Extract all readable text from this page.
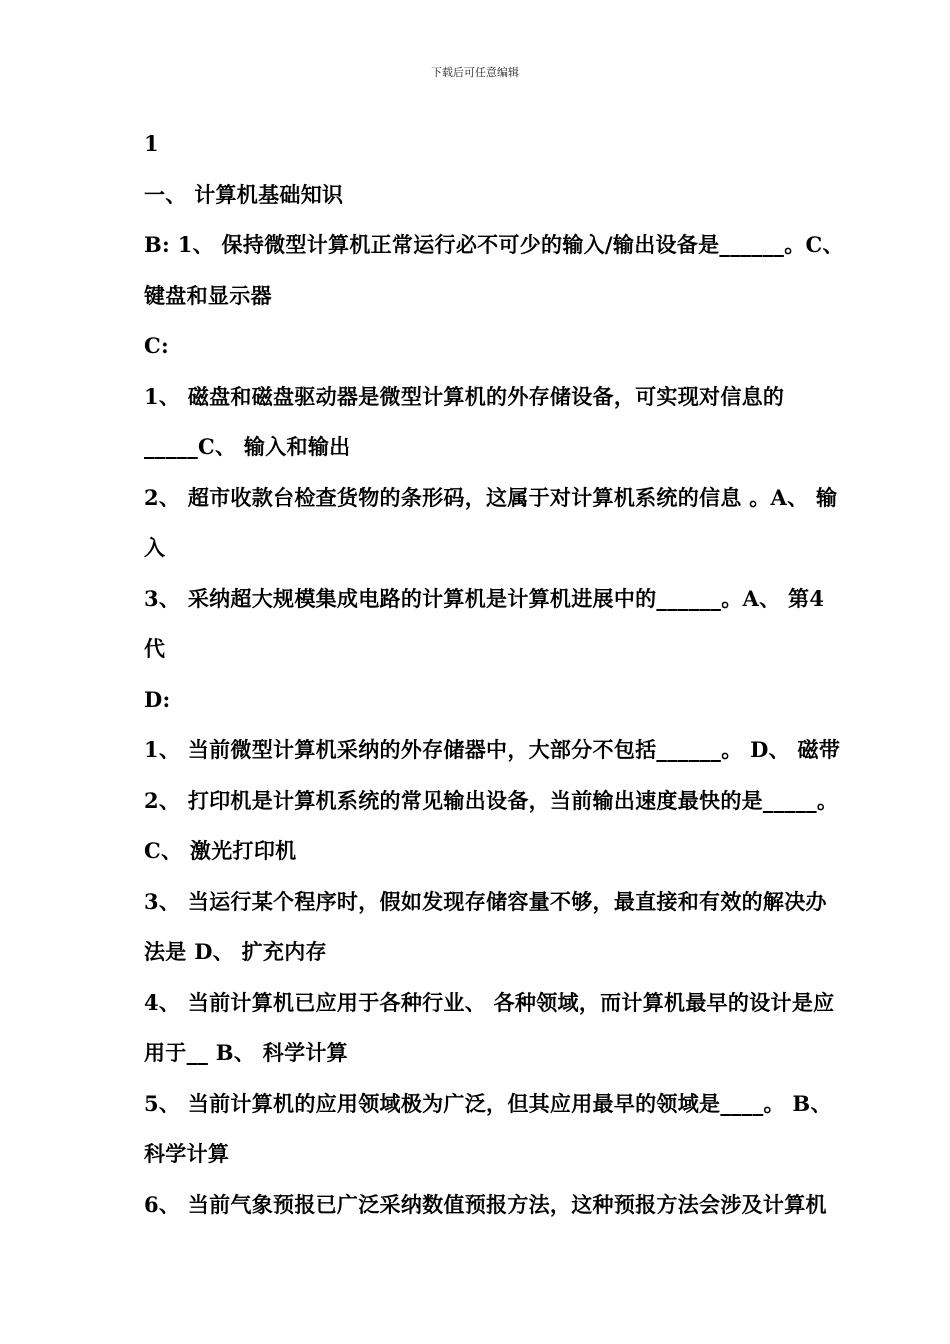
下载后可任意编辑
1
一、 计算机基础知识
B: 1、 保持微型计算机正常运行必不可少的输入/输出设备是______。C、
键盘和显示器
C:
1、 磁盘和磁盘驱动器是微型计算机的外存储设备，可实现对信息的
_____C、 输入和输出
2、 超市收款台检查货物的条形码，这属于对计算机系统的信息 。A、 输
入
3、 采纳超大规模集成电路的计算机是计算机进展中的______。A、 第4
代
D:
1、 当前微型计算机采纳的外存储器中，大部分不包括______。 D、 磁带
2、 打印机是计算机系统的常见输出设备，当前输出速度最快的是_____。
C、 激光打印机
3、 当运行某个程序时，假如发现存储容量不够，最直接和有效的解决办
法是 D、 扩充内存
4、 当前计算机已应用于各种行业、 各种领域，而计算机最早的设计是应
用于__ B、 科学计算
5、 当前计算机的应用领域极为广泛，但其应用最早的领域是____。 B、
科学计算
6、 当前气象预报已广泛采纳数值预报方法，这种预报方法会涉及计算机
